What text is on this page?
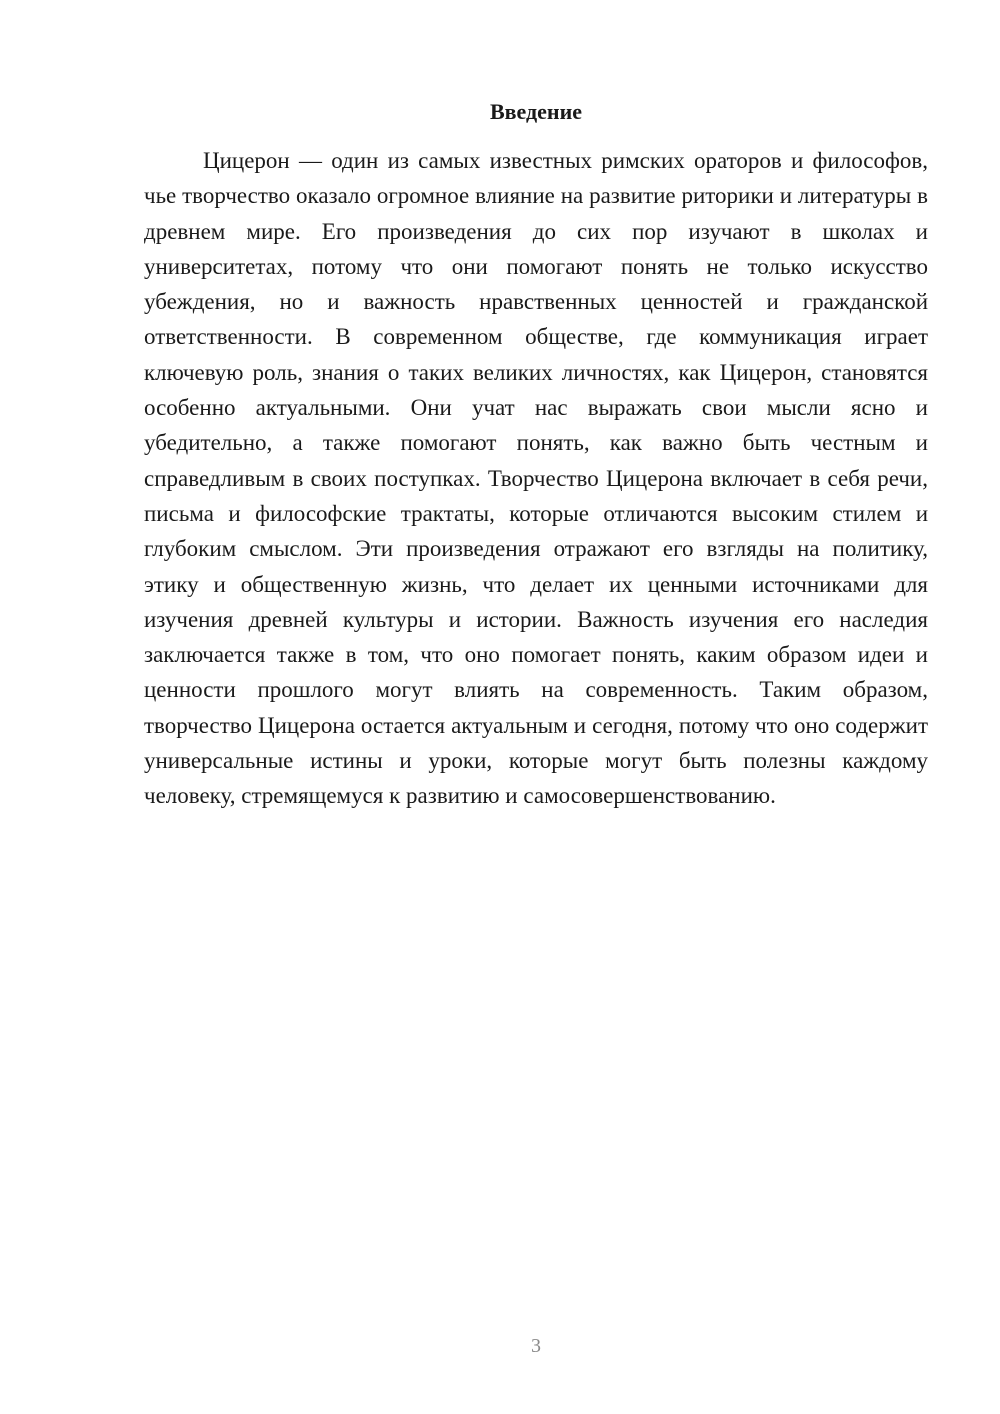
Введение

Цицерон — один из самых известных римских ораторов и философов, чье творчество оказало огромное влияние на развитие риторики и литературы в древнем мире. Его произведения до сих пор изучают в школах и университетах, потому что они помогают понять не только искусство убеждения, но и важность нравственных ценностей и гражданской ответственности. В современном обществе, где коммуникация играет ключевую роль, знания о таких великих личностях, как Цицерон, становятся особенно актуальными. Они учат нас выражать свои мысли ясно и убедительно, а также помогают понять, как важно быть честным и справедливым в своих поступках. Творчество Цицерона включает в себя речи, письма и философские трактаты, которые отличаются высоким стилем и глубоким смыслом. Эти произведения отражают его взгляды на политику, этику и общественную жизнь, что делает их ценными источниками для изучения древней культуры и истории. Важность изучения его наследия заключается также в том, что оно помогает понять, каким образом идеи и ценности прошлого могут влиять на современность. Таким образом, творчество Цицерона остается актуальным и сегодня, потому что оно содержит универсальные истины и уроки, которые могут быть полезны каждому человеку, стремящемуся к развитию и самосовершенствованию.

3
